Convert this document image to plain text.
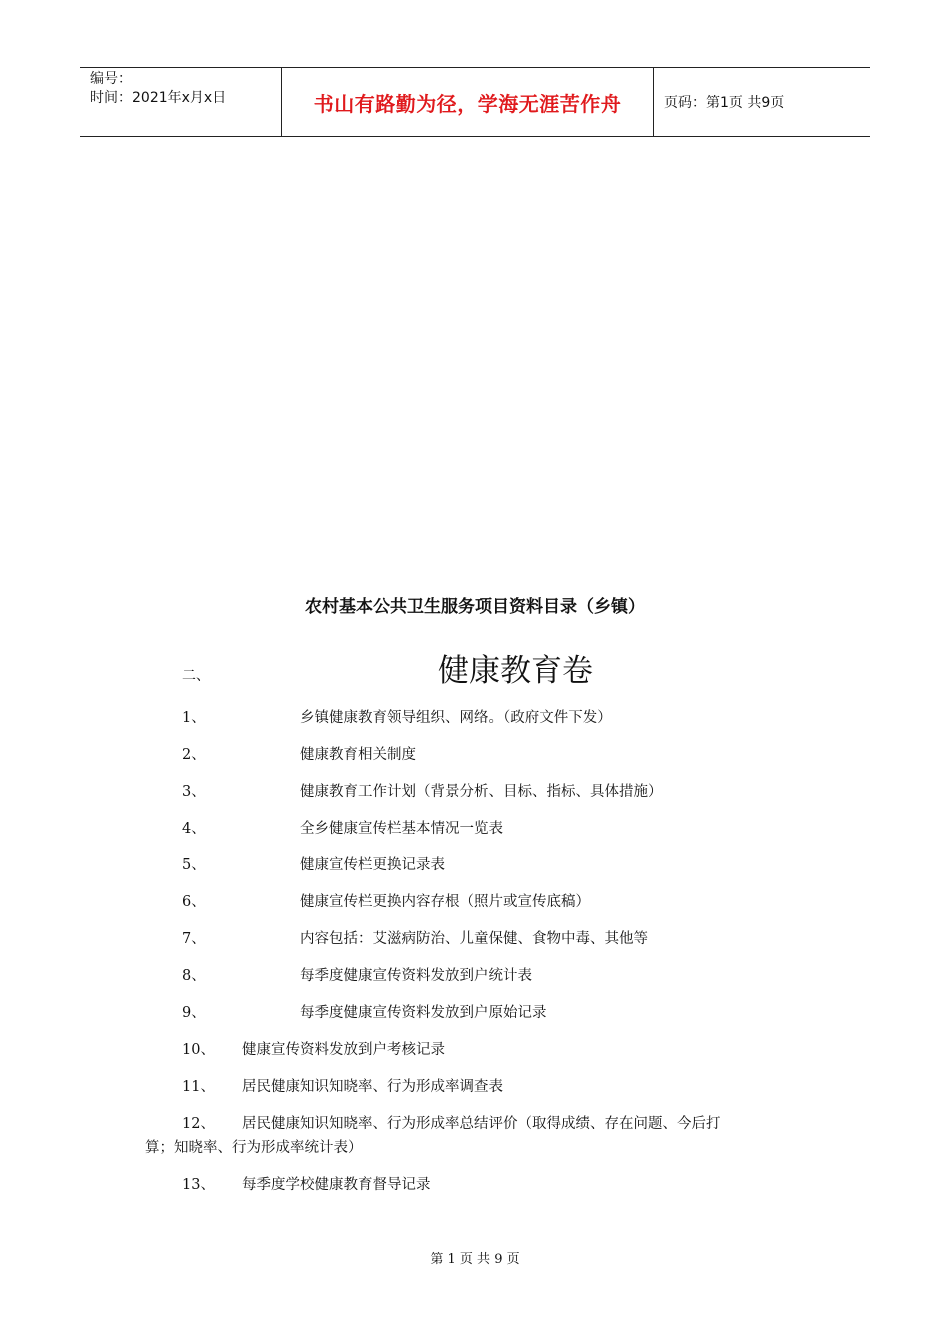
编号：
时间：2021年x月x日	书山有路勤为径，学海无涯苦作舟	页码：第1页 共9页
农村基本公共卫生服务项目资料目录（乡镇）
二、	健康教育卷
1、	乡镇健康教育领导组织、网络。（政府文件下发）
2、	健康教育相关制度
3、	健康教育工作计划（背景分析、目标、指标、具体措施）
4、	全乡健康宣传栏基本情况一览表
5、	健康宣传栏更换记录表
6、	健康宣传栏更换内容存根（照片或宣传底稿）
7、	内容包括：艾滋病防治、儿童保健、食物中毒、其他等
8、	每季度健康宣传资料发放到户统计表
9、	每季度健康宣传资料发放到户原始记录
10、 健康宣传资料发放到户考核记录
11、 居民健康知识知晓率、行为形成率调查表
12、 居民健康知识知晓率、行为形成率总结评价（取得成绩、存在问题、今后打
算；知晓率、行为形成率统计表）
13、 每季度学校健康教育督导记录
第 1 页 共 9 页
